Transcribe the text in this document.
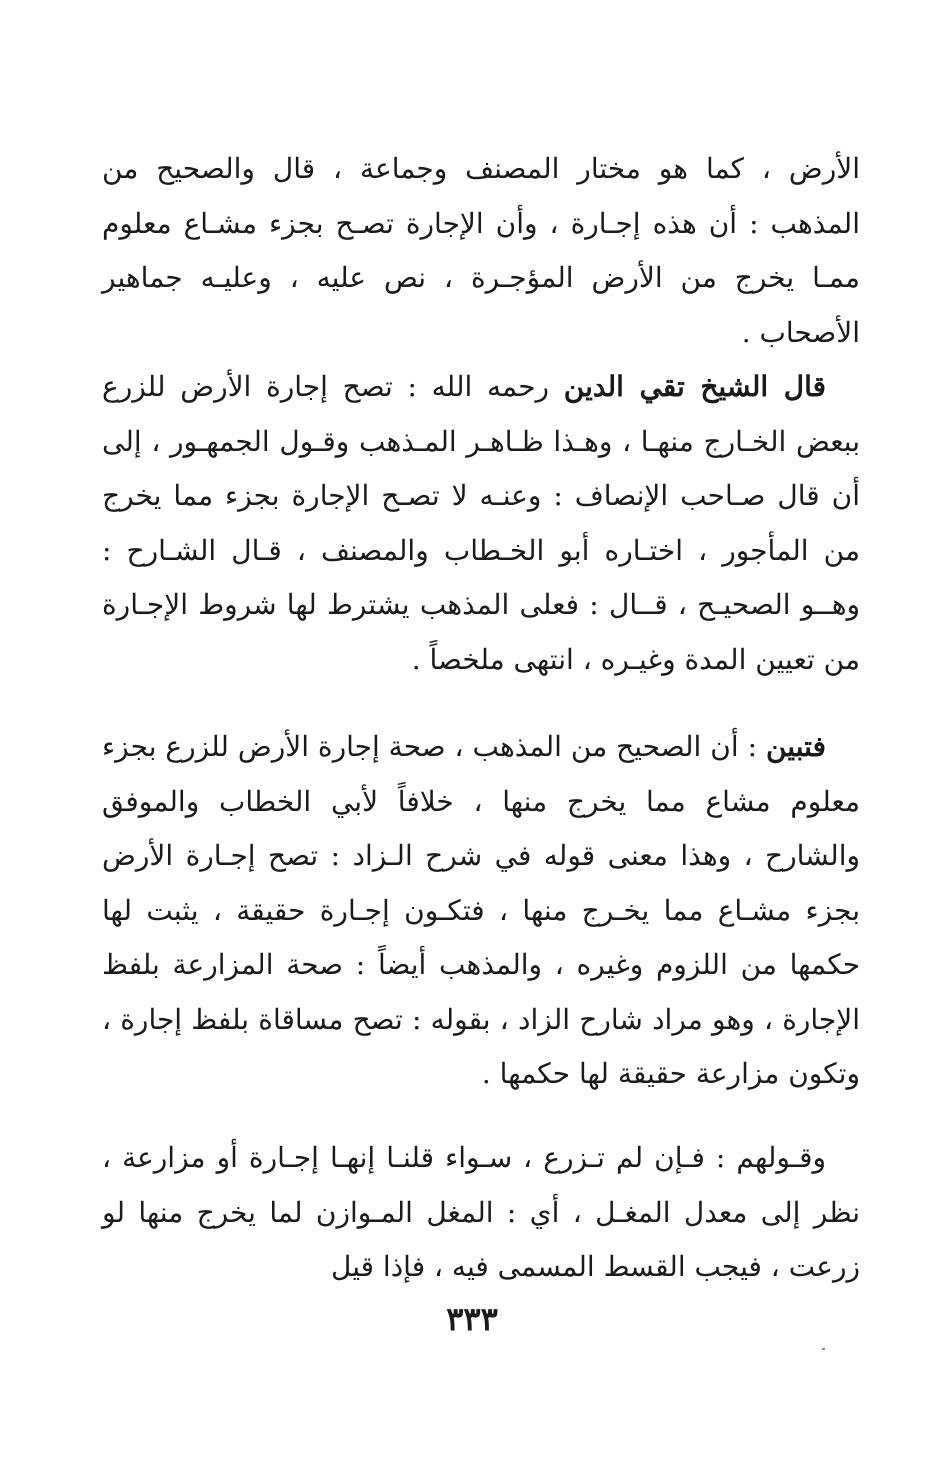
الأرض ، كما هو مختار المصنف وجماعة ، قال والصحيح من المذهب : أن هذه إجـارة ، وأن الإجارة تصـح بجزء مشـاع معلوم ممـا يخرج من الأرض المؤجـرة ، نص عليه ، وعليـه جماهير الأصحاب .

قال الشيخ تقي الدين رحمه الله : تصح إجارة الأرض للزرع ببعض الخـارج منهـا ، وهـذا ظـاهـر المـذهب وقـول الجمهـور ، إلى أن قال صـاحب الإنصاف : وعنـه لا تصـح الإجارة بجزء مما يخرج من المأجور ، اختـاره أبو الخـطاب والمصنف ، قـال الشـارح : وهــو الصحيـح ، قــال : فعلى المذهب يشترط لها شروط الإجـارة من تعيين المدة وغيـره ، انتهى ملخصاً .

فتبين : أن الصحيح من المذهب ، صحة إجارة الأرض للزرع بجزء معلوم مشاع مما يخرج منها ، خلافاً لأبي الخطاب والموفق والشارح ، وهذا معنى قوله في شرح الـزاد : تصح إجـارة الأرض بجزء مشـاع مما يخـرج منها ، فتكـون إجـارة حقيقة ، يثبت لها حكمها من اللزوم وغيره ، والمذهب أيضاً : صحة المزارعة بلفظ الإجارة ، وهو مراد شارح الزاد ، بقوله : تصح مساقاة بلفظ إجارة ، وتكون مزارعة حقيقة لها حكمها .

وقـولهم : فـإن لم تـزرع ، سـواء قلنـا إنهـا إجـارة أو مزارعة ، نظر إلى معدل المغـل ، أي : المغل المـوازن لما يخرج منها لو زرعت ، فيجب القسط المسمى فيه ، فإذا قيل

٣٣٣
